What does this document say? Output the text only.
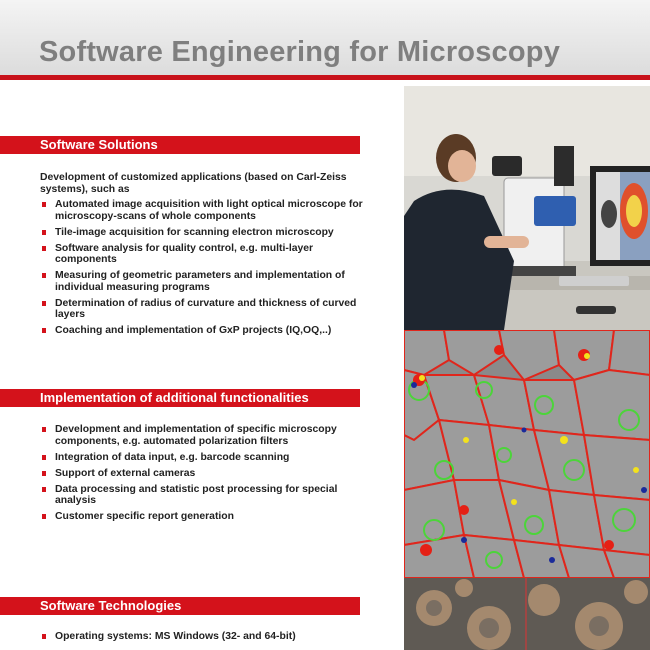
Software Engineering for Microscopy
Software Solutions
Development of customized applications (based on Carl-Zeiss systems), such as
Automated image acquisition with light optical microscope for microscopy-scans of whole components
Tile-image acquisition for scanning electron microscopy
Software analysis for quality control, e.g. multi-layer components
Measuring of geometric parameters and implementation of individual measuring programs
Determination of radius of curvature and thickness of curved layers
Coaching and implementation of GxP projects (IQ,OQ,..)
Implementation of additional functionalities
Development and implementation of specific microscopy components, e.g. automated polarization filters
Integration of data input, e.g. barcode scanning
Support of external cameras
Data processing and statistic post processing for special analysis
Customer specific report generation
Software Technologies
Operating systems: MS Windows (32- and 64-bit)
